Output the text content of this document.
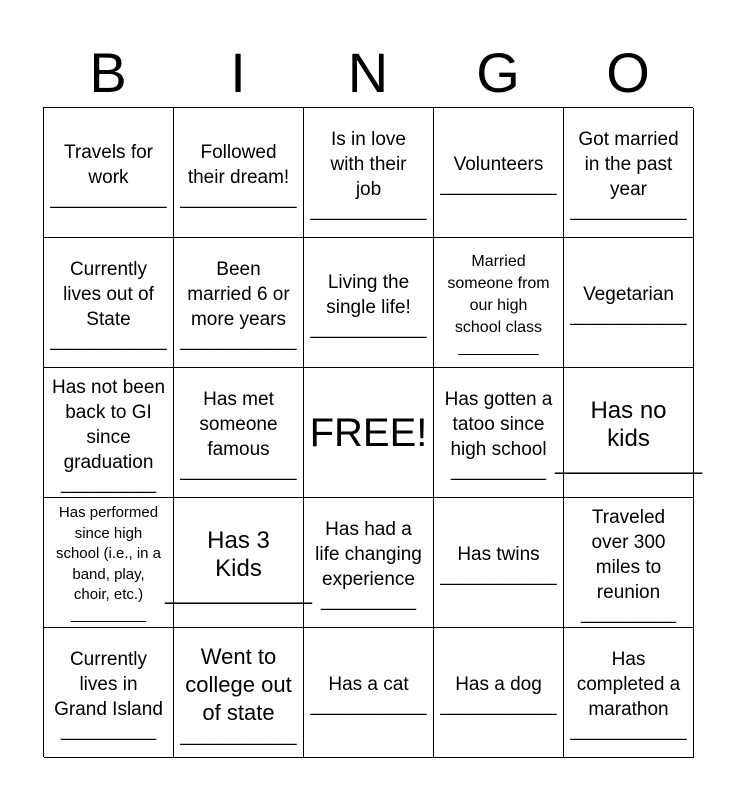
B	I	N	G	O
Travels for
work
___________
Followed
their dream!
___________
Is in love
with their
job
___________
Volunteers
___________
Got married
in the past
year
___________
Currently
lives out of
State
___________
Been
married 6 or
more years
___________
Living the
single life!
___________
Married
someone from
our high
school class
_________
Vegetarian
___________
Has not been
back to GI
since
graduation
_________
Has met
someone
famous
___________
FREE!
Has gotten a
tatoo since
high school
_________
Has no
kids
___________
Has performed
since high
school (i.e., in a
band, play,
choir, etc.)
_________
Has 3
Kids
___________
Has had a
life changing
experience
_________
Has twins
___________
Traveled
over 300
miles to
reunion
_________
Currently
lives in
Grand Island
_________
Went to
college out
of state
___________
Has a cat
___________
Has a dog
___________
Has
completed a
marathon
___________
